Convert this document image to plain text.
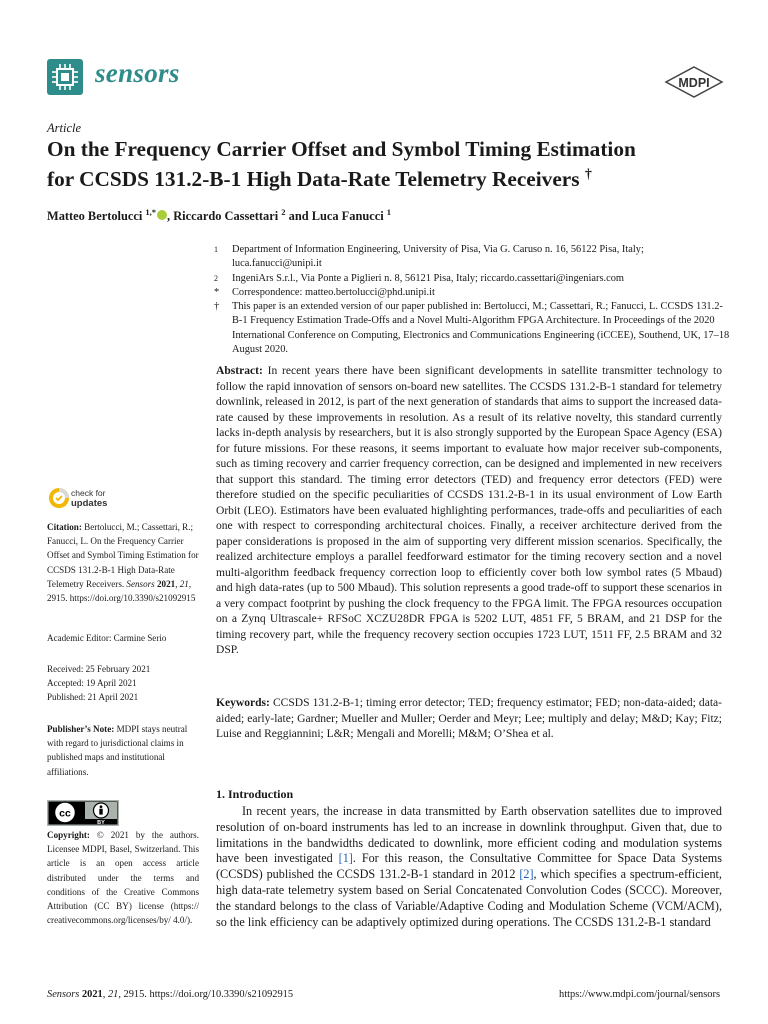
sensors	MDPI
Article
On the Frequency Carrier Offset and Symbol Timing Estimation
for CCSDS 131.2-B-1 High Data-Rate Telemetry Receivers †
Matteo Bertolucci $^{1,*}$ , Riccardo Cassettari $^2$ and Luca Fanucci $^1$
1 Department of Information Engineering, University of Pisa, Via G. Caruso n. 16, 56122 Pisa, Italy; luca.fanucci@unipi.it
2 IngeniArs S.r.l., Via Ponte a Piglieri n. 8, 56121 Pisa, Italy; riccardo.cassettari@ingeniars.com
* Correspondence: matteo.bertolucci@phd.unipi.it
† This paper is an extended version of our paper published in: Bertolucci, M.; Cassettari, R.; Fanucci, L. CCSDS 131.2-B-1 Frequency Estimation Trade-Offs and a Novel Multi-Algorithm FPGA Architecture. In Proceedings of the 2020 International Conference on Computing, Electronics and Communications Engineering (iCCEE), Southend, UK, 17–18 August 2020.
Abstract: In recent years there have been significant developments in satellite transmitter technology to follow the rapid innovation of sensors on-board new satellites. The CCSDS 131.2-B-1 standard for telemetry downlink, released in 2012, is part of the next generation of standards that aims to support the increased data-rate caused by these improvements in resolution. As a result of its relative novelty, this standard currently lacks in-depth analysis by researchers, but it is also strongly supported by the European Space Agency (ESA) for future missions. For these reasons, it seems important to evaluate how major receiver sub-components, such as timing recovery and carrier frequency correction, can be designed and implemented in new receivers that support this standard. The timing error detectors (TED) and frequency error detectors (FED) were therefore studied on the specific peculiarities of CCSDS 131.2-B-1 in its usual environment of Low Earth Orbit (LEO). Estimators have been evaluated highlighting performances, trade-offs and peculiarities of each one with respect to corresponding architectural choices. Finally, a receiver architecture derived from the paper considerations is proposed in the aim of supporting very different mission scenarios. Specifically, the realized architecture employs a parallel feedforward estimator for the timing recovery section and a novel multi-algorithm feedback frequency correction loop to efficiently cover both low symbol rates (5 Mbaud) and high data-rates (up to 500 Mbaud). This solution represents a good trade-off to support these scenarios in a very compact footprint by pushing the clock frequency to the FPGA limit. The FPGA resources occupation on a Zynq Ultrascale+ RFSoC XCZU28DR FPGA is 5202 LUT, 4851 FF, 5 BRAM, and 21 DSP for the timing recovery part, while the frequency recovery section occupies 1723 LUT, 1511 FF, 2.5 BRAM and 32 DSP.
Keywords: CCSDS 131.2-B-1; timing error detector; TED; frequency estimator; FED; non-data-aided; data-aided; early-late; Gardner; Mueller and Muller; Oerder and Meyr; Lee; multiply and delay; M&D; Kay; Fitz; Luise and Reggiannini; L&R; Mengali and Morelli; M&M; O’Shea et al.
1. Introduction
In recent years, the increase in data transmitted by Earth observation satellites due to improved resolution of on-board instruments has led to an increase in downlink throughput. Given that, due to limitations in the bandwidths dedicated to downlink, more efficient coding and modulation systems have been investigated [1]. For this reason, the Consultative Committee for Space Data Systems (CCSDS) published the CCSDS 131.2-B-1 standard in 2012 [2], which specifies a spectrum-efficient, high data-rate telemetry system based on Serial Concatenated Convolution Codes (SCCC). Moreover, the standard belongs to the class of Variable/Adaptive Coding and Modulation Scheme (VCM/ACM), so the link efficiency can be adaptively optimized during operations. The CCSDS 131.2-B-1 standard
check for
updates
Citation: Bertolucci, M.; Cassettari, R.; Fanucci, L. On the Frequency Carrier Offset and Symbol Timing Estimation for CCSDS 131.2-B-1 High Data-Rate Telemetry Receivers. Sensors 2021, 21, 2915. https://doi.org/10.3390/s21092915
Academic Editor: Carmine Serio
Received: 25 February 2021
Accepted: 19 April 2021
Published: 21 April 2021
Publisher’s Note: MDPI stays neutral with regard to jurisdictional claims in published maps and institutional affiliations.
cc
BY
Copyright: © 2021 by the authors. Licensee MDPI, Basel, Switzerland. This article is an open access article distributed under the terms and conditions of the Creative Commons Attribution (CC BY) license (https:// creativecommons.org/licenses/by/ 4.0/).
Sensors 2021, 21, 2915. https://doi.org/10.3390/s21092915	https://www.mdpi.com/journal/sensors
